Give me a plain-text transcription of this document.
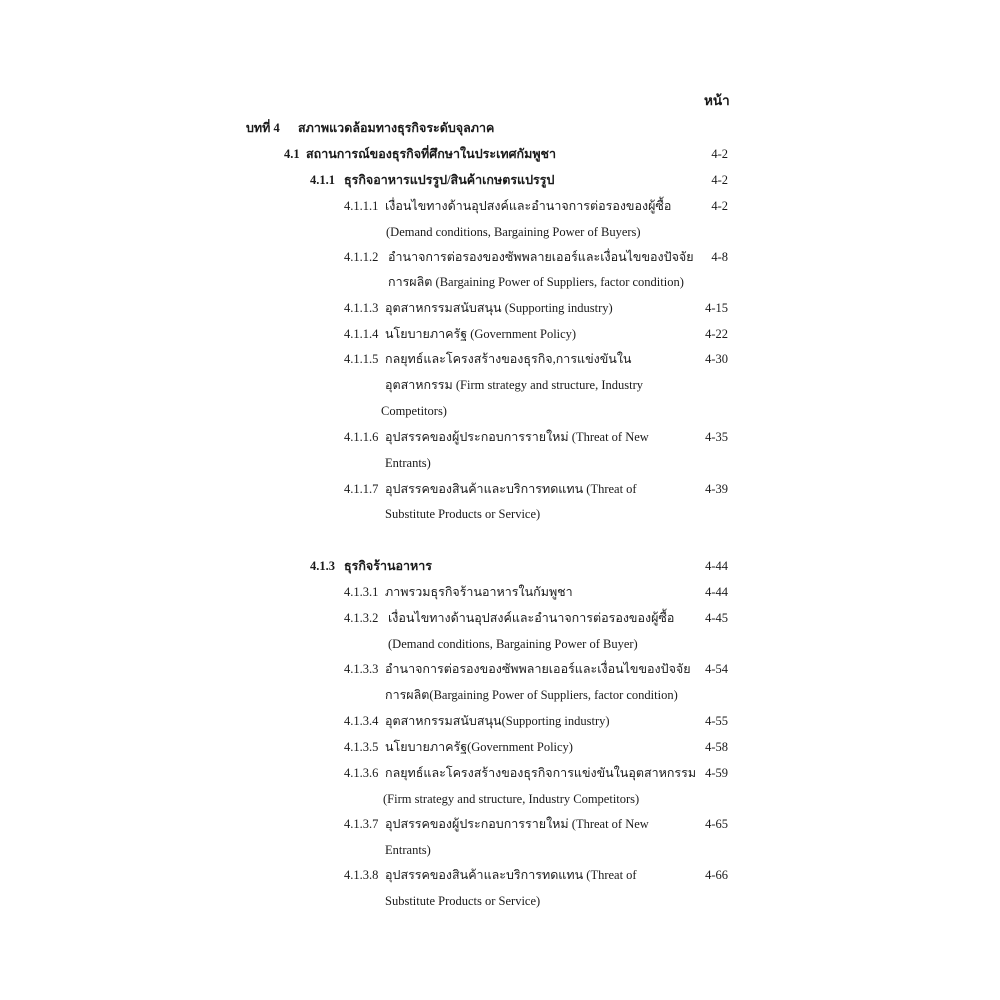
หน้า
บทที่ 4 สภาพแวดล้อมทางธุรกิจระดับจุลภาค
4.1 สถานการณ์ของธุรกิจที่ศึกษาในประเทศกัมพูชา	4-2
4.1.1 ธุรกิจอาหารแปรรูป/สินค้าเกษตรแปรรูป	4-2
4.1.1.1 เงื่อนไขทางด้านอุปสงค์และอำนาจการต่อรองของผู้ซื้อ	4-2
(Demand conditions, Bargaining Power of Buyers)
4.1.1.2 อำนาจการต่อรองของซัพพลายเออร์และเงื่อนไขของปัจจัย	4-8
การผลิต (Bargaining Power of Suppliers, factor condition)
4.1.1.3 อุตสาหกรรมสนับสนุน (Supporting industry)	4-15
4.1.1.4 นโยบายภาครัฐ (Government Policy)	4-22
4.1.1.5 กลยุทธ์และโครงสร้างของธุรกิจ,การแข่งขันใน	4-30
อุตสาหกรรม (Firm strategy and structure, Industry
Competitors)
4.1.1.6 อุปสรรคของผู้ประกอบการรายใหม่ (Threat of New	4-35
Entrants)
4.1.1.7 อุปสรรคของสินค้าและบริการทดแทน (Threat of	4-39
Substitute Products or Service)
4.1.3 ธุรกิจร้านอาหาร	4-44
4.1.3.1 ภาพรวมธุรกิจร้านอาหารในกัมพูชา	4-44
4.1.3.2 เงื่อนไขทางด้านอุปสงค์และอำนาจการต่อรองของผู้ซื้อ	4-45
(Demand conditions, Bargaining Power of Buyer)
4.1.3.3 อำนาจการต่อรองของซัพพลายเออร์และเงื่อนไขของปัจจัย	4-54
การผลิต(Bargaining Power of Suppliers, factor condition)
4.1.3.4 อุตสาหกรรมสนับสนุน(Supporting industry)	4-55
4.1.3.5 นโยบายภาครัฐ(Government Policy)	4-58
4.1.3.6 กลยุทธ์และโครงสร้างของธุรกิจการแข่งขันในอุตสาหกรรม 4-59
(Firm strategy and structure, Industry Competitors)
4.1.3.7 อุปสรรคของผู้ประกอบการรายใหม่ (Threat of New	4-65
Entrants)
4.1.3.8 อุปสรรคของสินค้าและบริการทดแทน (Threat of	4-66
Substitute Products or Service)
